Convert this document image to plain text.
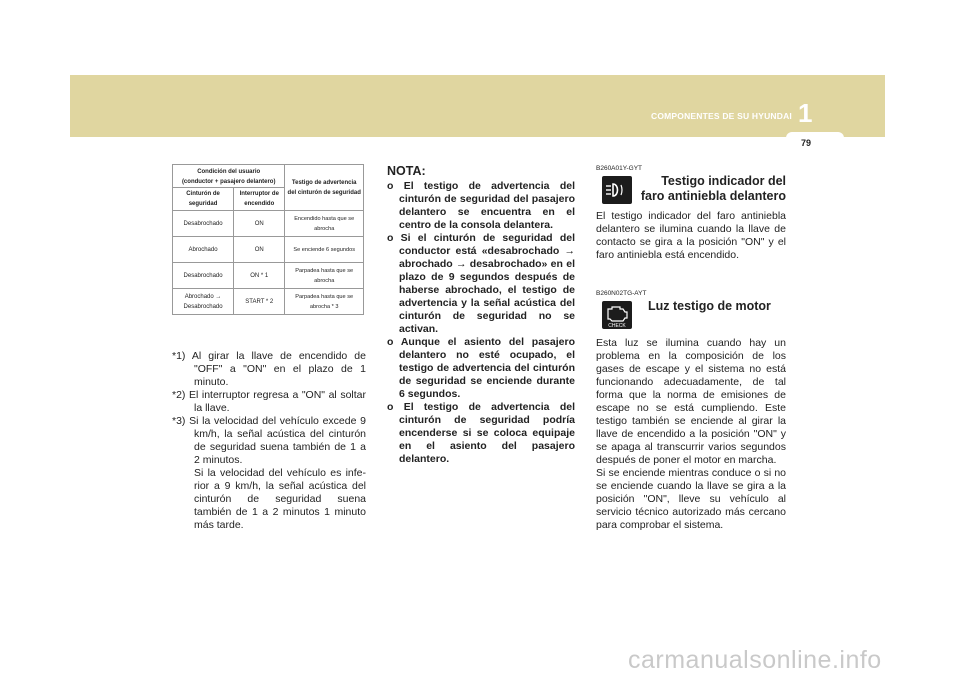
COMPONENTES DE SU HYUNDAI 1
79
Condición del usuario
(conductor + pasajero delantero)		Testigo de advertencia del cinturón de seguridad
Cinturón de seguridad	Interruptor de encendido	
Desabrochado	ON	Encendido hasta que se abrocha
Abrochado	ON	Se enciende 6 segundos
Desabrochado	ON * 1	Parpadea hasta que se abrocha
Abrochado → Desabrochado	START * 2	Parpadea hasta que se abrocha * 3

*1) Al girar la llave de encendido de "OFF" a "ON" en el plazo de 1 minuto.

*2) El interruptor regresa a "ON" al soltar la llave.

*3) Si la velocidad del vehículo excede 9 km/h, la señal acústica del cinturón de seguridad suena también de 1 a 2 minutos.

Si la velocidad del vehículo es infe-rior a 9 km/h, la señal acústica del cinturón de seguridad suena también de 1 a 2 minutos 1 minuto más tarde.

NOTA:

o El testigo de advertencia del cinturón de seguridad del pasajero delantero se encuentra en el centro de la consola delantera.

o Si el cinturón de seguridad del conductor está «desabrochado → abrochado → desabrochado» en el plazo de 9 segundos después de haberse abrochado, el testigo de advertencia y la señal acústica del cinturón de seguridad no se activan.

o Aunque el asiento del pasajero delantero no esté ocupado, el testigo de advertencia del cinturón de seguridad se enciende durante 6 segundos.

o El testigo de advertencia del cinturón de seguridad podría encenderse si se coloca equipaje en el asiento del pasajero delantero.

B260A01Y-GYT

Testigo indicador del faro antiniebla delantero

El testigo indicador del faro antiniebla delantero se ilumina cuando la llave de contacto se gira a la posición "ON" y el faro antiniebla está encendido.

B260N02TG-AYT

CHECK
Luz testigo de motor

Esta luz se ilumina cuando hay un problema en la composición de los gases de escape y el sistema no está funcionando adecuadamente, de tal forma que la norma de emisiones de escape no se está cumpliendo. Este testigo también se enciende al girar la llave de encendido a la posición "ON" y se apaga al transcurrir varios segundos después de poner el motor en marcha.

Si se enciende mientras conduce o si no se enciende cuando la llave se gira a la posición "ON", lleve su vehículo al servicio técnico autorizado más cercano para comprobar el sistema.

carmanualsonline.info
